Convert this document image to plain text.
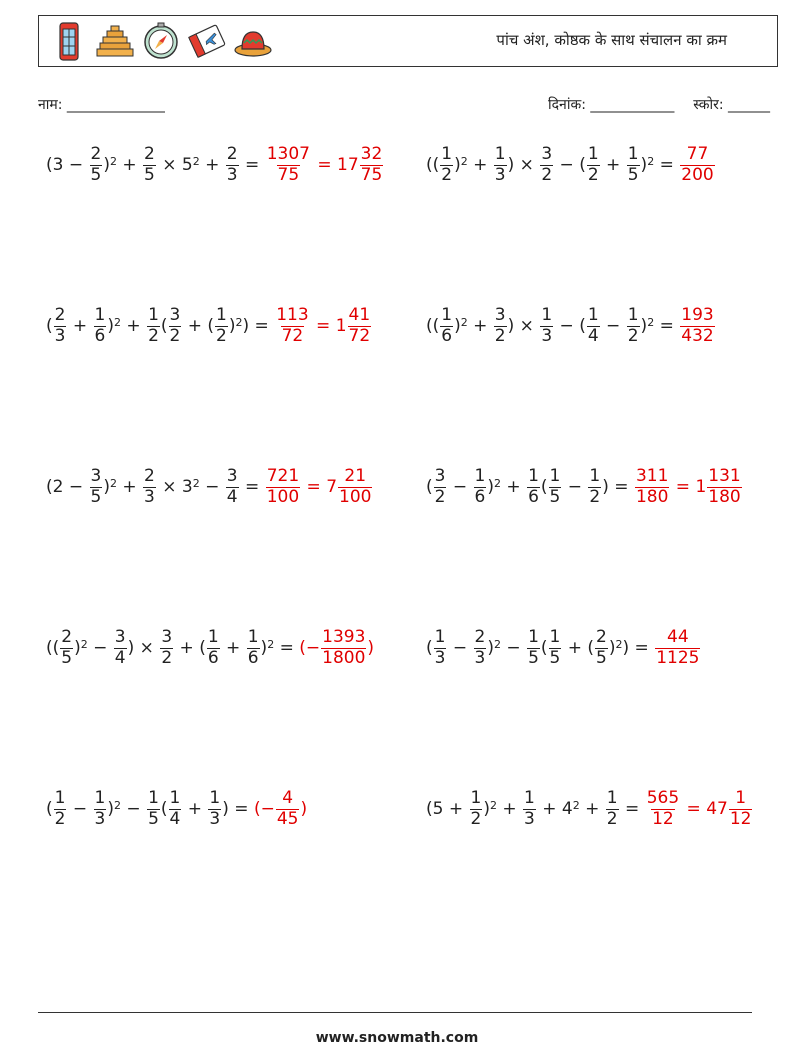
पांच अंश, कोष्ठक के साथ संचालन का क्रम
नाम: ______________	दिनांक: ____________ स्कोर: ______
$(3 - \frac{2}{5} )^2 + \frac{2}{5} \times 5^2 + \frac{2}{3} = \frac{1307}{75} = 17 \frac{32}{75}$	(( $\frac{1}{2} )^2 + \frac{1}{3}$ ) × $\frac{3}{2}$ − ( $\frac{1}{2} + \frac{1}{5} )^2 = \frac{77}{200}$
( $\frac{2}{3} + \frac{1}{6} )^2 + \frac{1}{2}$ ( $\frac{3}{2}$ + ( $\frac{1}{2} )^2$ ) = $\frac{113}{72} = 1 \frac{41}{72}$	(( $\frac{1}{6} )^2 + \frac{3}{2}$ ) × $\frac{1}{3}$ − ( $\frac{1}{4} - \frac{1}{2} )^2 = \frac{193}{432}$
$(2 - \frac{3}{5} )^2 + \frac{2}{3} \times 3^2 - \frac{3}{4} = \frac{721}{100} = 7 \frac{21}{100}$	( $\frac{3}{2} - \frac{1}{6} )^2 + \frac{1}{6}$ ( $\frac{1}{5} - \frac{1}{2}$ ) = $\frac{311}{180} = 1 \frac{131}{180}$
(( $\frac{2}{5} )^2 - \frac{3}{4}$ ) × $\frac{3}{2}$ + ( $\frac{1}{6} + \frac{1}{6} )^2$ = (− $\frac{1393}{1800}$ )	( $\frac{1}{3} - \frac{2}{3} )^2 - \frac{1}{5}$ ( $\frac{1}{5}$ + ( $\frac{2}{5} )^2$ ) = $\frac{44}{1125}$
( $\frac{1}{2} - \frac{1}{3} )^2 - \frac{1}{5}$ ( $\frac{1}{4} + \frac{1}{3}$ ) = (− $\frac{4}{45}$ )	$(5 + \frac{1}{2} )^2 + \frac{1}{3} + 4^2 + \frac{1}{2} = \frac{565}{12} = 47 \frac{1}{12}$
www.snowmath.com
